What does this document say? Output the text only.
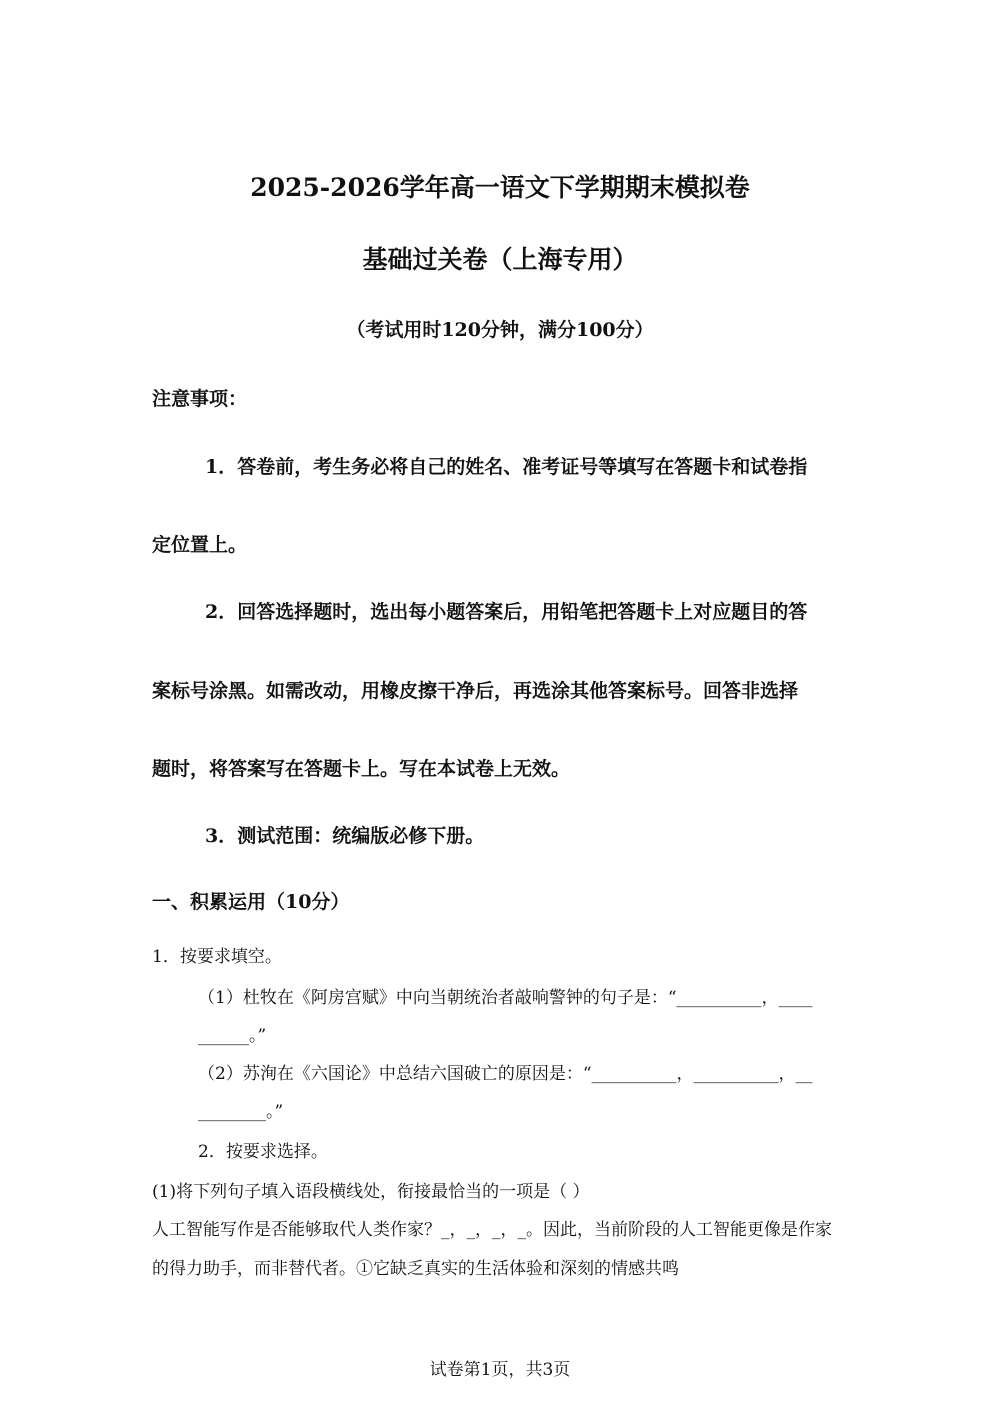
2025-2026学年高一语文下学期期末模拟卷
基础过关卷（上海专用）
（考试用时120分钟，满分100分）
注意事项：
1．答卷前，考生务必将自己的姓名、准考证号等填写在答题卡和试卷指
定位置上。
2．回答选择题时，选出每小题答案后，用铅笔把答题卡上对应题目的答
案标号涂黑。如需改动，用橡皮擦干净后，再选涂其他答案标号。回答非选择
题时，将答案写在答题卡上。写在本试卷上无效。
3．测试范围：统编版必修下册。
一、积累运用（10分）
1．按要求填空。
（1）杜牧在《阿房宫赋》中向当朝统治者敲响警钟的句子是：“__________，____
______。”
（2）苏洵在《六国论》中总结六国破亡的原因是：“__________，__________，__
________。”
2．按要求选择。
(1)将下列句子填入语段横线处，衔接最恰当的一项是（ ）
人工智能写作是否能够取代人类作家？_，_，_，_。因此，当前阶段的人工智能更像是作家
的得力助手，而非替代者。①它缺乏真实的生活体验和深刻的情感共鸣
试卷第1页，共3页
